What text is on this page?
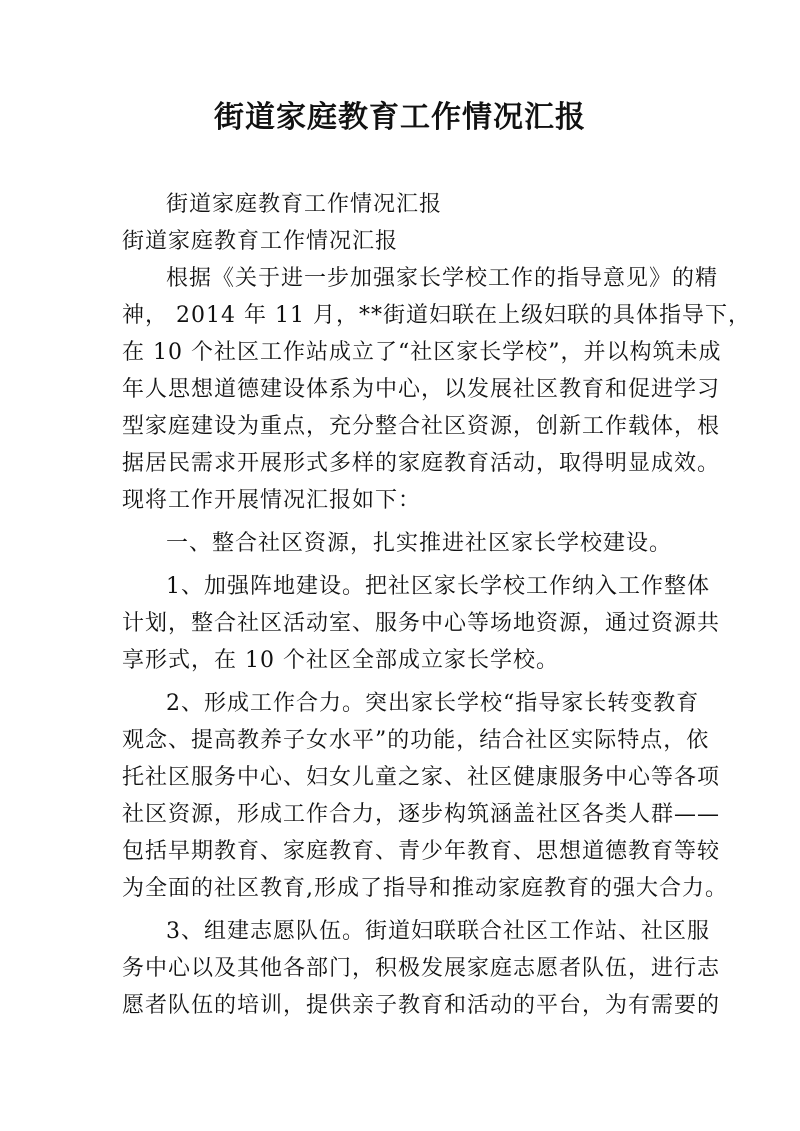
街道家庭教育工作情况汇报
街道家庭教育工作情况汇报
街道家庭教育工作情况汇报
根据《关于进一步加强家长学校工作的指导意见》的精
神， 2014 年 11 月，**街道妇联在上级妇联的具体指导下，
在 10 个社区工作站成立了“社区家长学校”，并以构筑未成
年人思想道德建设体系为中心，以发展社区教育和促进学习
型家庭建设为重点，充分整合社区资源，创新工作载体，根
据居民需求开展形式多样的家庭教育活动，取得明显成效。
现将工作开展情况汇报如下：
一、整合社区资源，扎实推进社区家长学校建设。
1、加强阵地建设。把社区家长学校工作纳入工作整体
计划，整合社区活动室、服务中心等场地资源，通过资源共
享形式，在 10 个社区全部成立家长学校。
2、形成工作合力。突出家长学校“指导家长转变教育
观念、提高教养子女水平”的功能，结合社区实际特点，依
托社区服务中心、妇女儿童之家、社区健康服务中心等各项
社区资源，形成工作合力，逐步构筑涵盖社区各类人群——
包括早期教育、家庭教育、青少年教育、思想道德教育等较
为全面的社区教育,形成了指导和推动家庭教育的强大合力。
3、组建志愿队伍。街道妇联联合社区工作站、社区服
务中心以及其他各部门，积极发展家庭志愿者队伍，进行志
愿者队伍的培训，提供亲子教育和活动的平台，为有需要的
